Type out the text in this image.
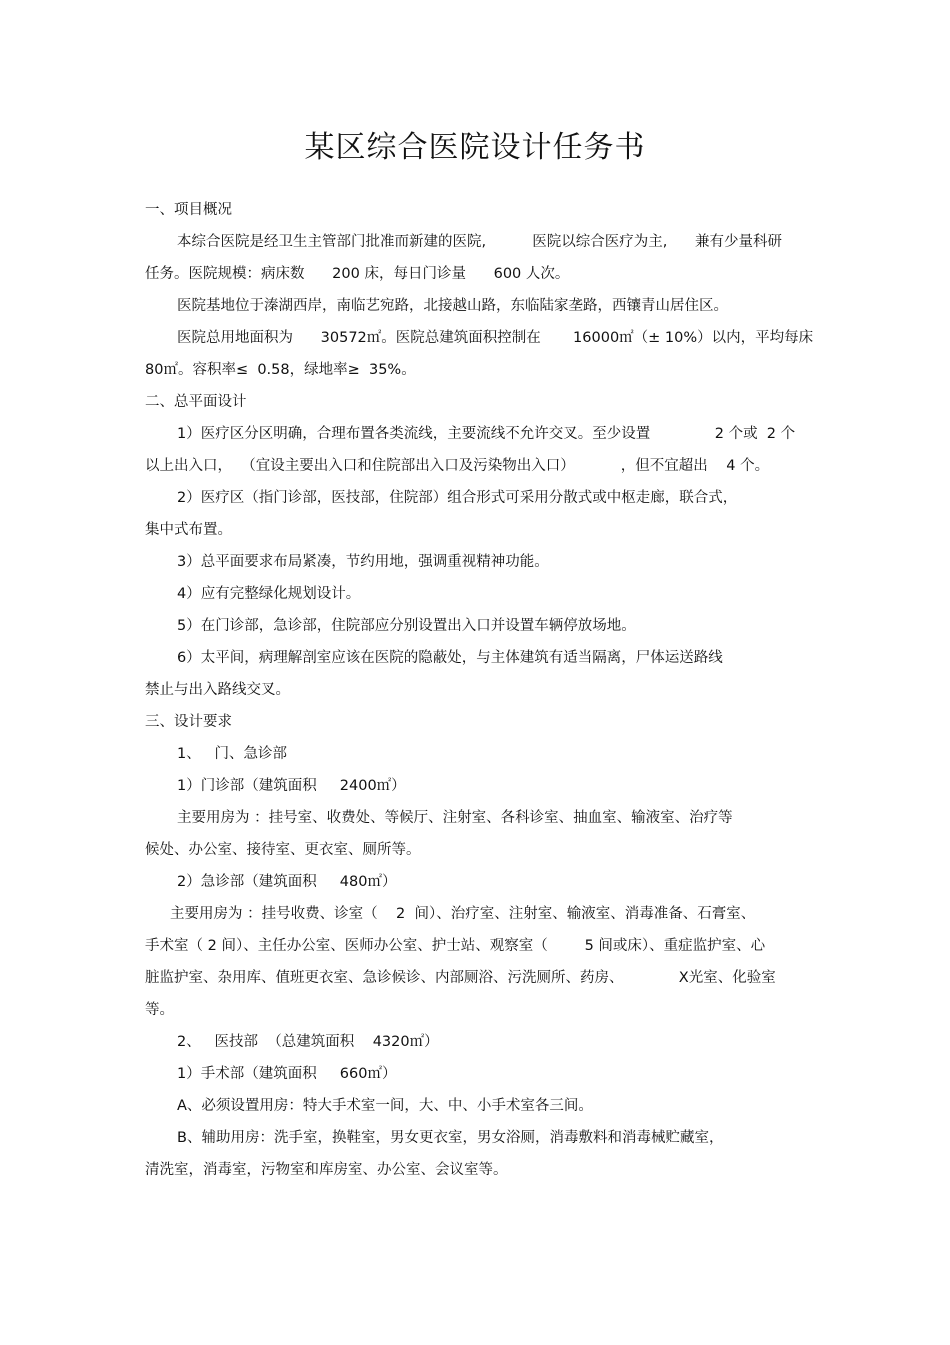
某区综合医院设计任务书
一、项目概况
本综合医院是经卫生主管部门批准而新建的医院,          医院以综合医疗为主,      兼有少量科研
任务。医院规模：病床数      200 床，每日门诊量      600 人次。
医院基地位于溱湖西岸，南临艺宛路，北接越山路，东临陆家垄路，西镶青山居住区。
医院总用地面积为      30572㎡。医院总建筑面积控制在       16000㎡（± 10%）以内，平均每床
80㎡。容积率≤  0.58，绿地率≥  35%。
二、总平面设计
1）医疗区分区明确，合理布置各类流线，主要流线不允许交叉。至少设置              2 个或  2 个
以上出入口，  （宜设主要出入口和住院部出入口及污染物出入口）          ，但不宜超出    4 个。
2）医疗区（指门诊部，医技部，住院部）组合形式可采用分散式或中枢走廊，联合式，
集中式布置。
3）总平面要求布局紧凑，节约用地，强调重视精神功能。
4）应有完整绿化规划设计。
5）在门诊部，急诊部，住院部应分别设置出入口并设置车辆停放场地。
6）太平间，病理解剖室应该在医院的隐蔽处，与主体建筑有适当隔离，尸体运送路线
禁止与出入路线交叉。
三、设计要求
1、   门、急诊部
1）门诊部（建筑面积     2400㎡）
主要用房为 ：挂号室、收费处、等候厅、注射室、各科诊室、抽血室、输液室、治疗等
候处、办公室、接待室、更衣室、厕所等。
2）急诊部（建筑面积     480㎡）
主要用房为 ：挂号收费、诊室（    2  间）、治疗室、注射室、输液室、消毒准备、石膏室、
手术室（ 2 间）、主任办公室、医师办公室、护士站、观察室（        5 间或床）、重症监护室、心
脏监护室、杂用库、值班更衣室、急诊候诊、内部厕浴、污洗厕所、药房、            X光室、化验室
等。
2、   医技部  （总建筑面积    4320㎡）
1）手术部（建筑面积     660㎡）
A、必须设置用房：特大手术室一间，大、中、小手术室各三间。
B、辅助用房：洗手室，换鞋室，男女更衣室，男女浴厕，消毒敷料和消毒械贮藏室，
清洗室，消毒室，污物室和库房室、办公室、会议室等。
